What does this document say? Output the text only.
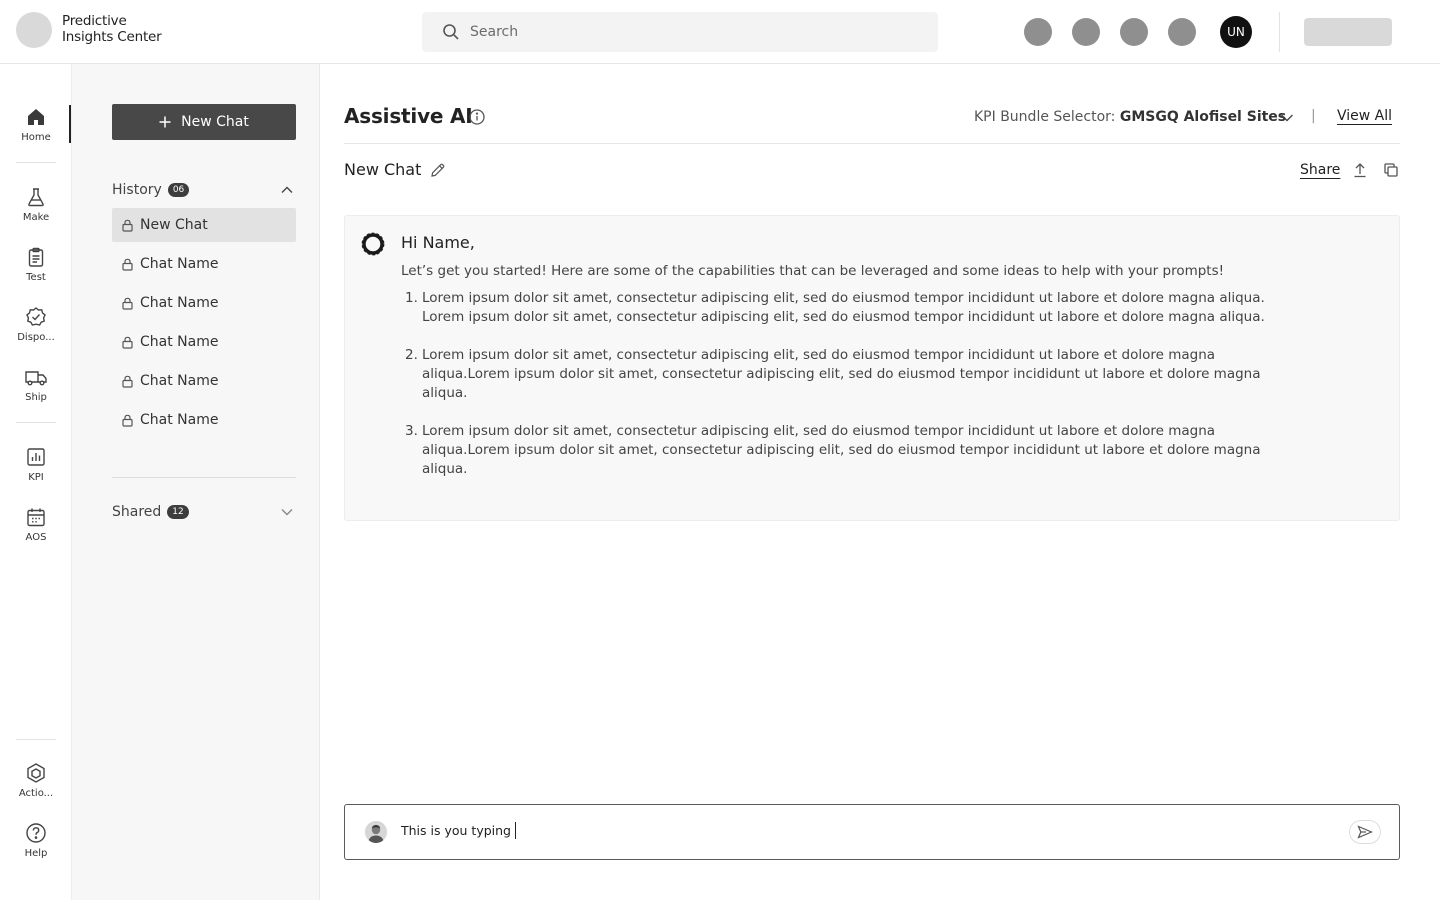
Predictive
Insights Center
Search	UN
Home
Make
Test
Dispo...
Ship
KPI
AOS
Actio...
Help
New Chat
History	06
New Chat
Chat Name
Chat Name
Chat Name
Chat Name
Chat Name
Shared	12
Assistive AI	KPI Bundle Selector: GMSGQ Alofisel Sites | View All
New Chat	Share
Hi Name,
Let’s get you started! Here are some of the capabilities that can be leveraged and some ideas to help with your prompts!
1. Lorem ipsum dolor sit amet, consectetur adipiscing elit, sed do eiusmod tempor incididunt ut labore et dolore magna aliqua. Lorem ipsum dolor sit amet, consectetur adipiscing elit, sed do eiusmod tempor incididunt ut labore et dolore magna aliqua.
2. Lorem ipsum dolor sit amet, consectetur adipiscing elit, sed do eiusmod tempor incididunt ut labore et dolore magna aliqua.Lorem ipsum dolor sit amet, consectetur adipiscing elit, sed do eiusmod tempor incididunt ut labore et dolore magna aliqua.
3. Lorem ipsum dolor sit amet, consectetur adipiscing elit, sed do eiusmod tempor incididunt ut labore et dolore magna aliqua.Lorem ipsum dolor sit amet, consectetur adipiscing elit, sed do eiusmod tempor incididunt ut labore et dolore magna aliqua.
This is you typing
